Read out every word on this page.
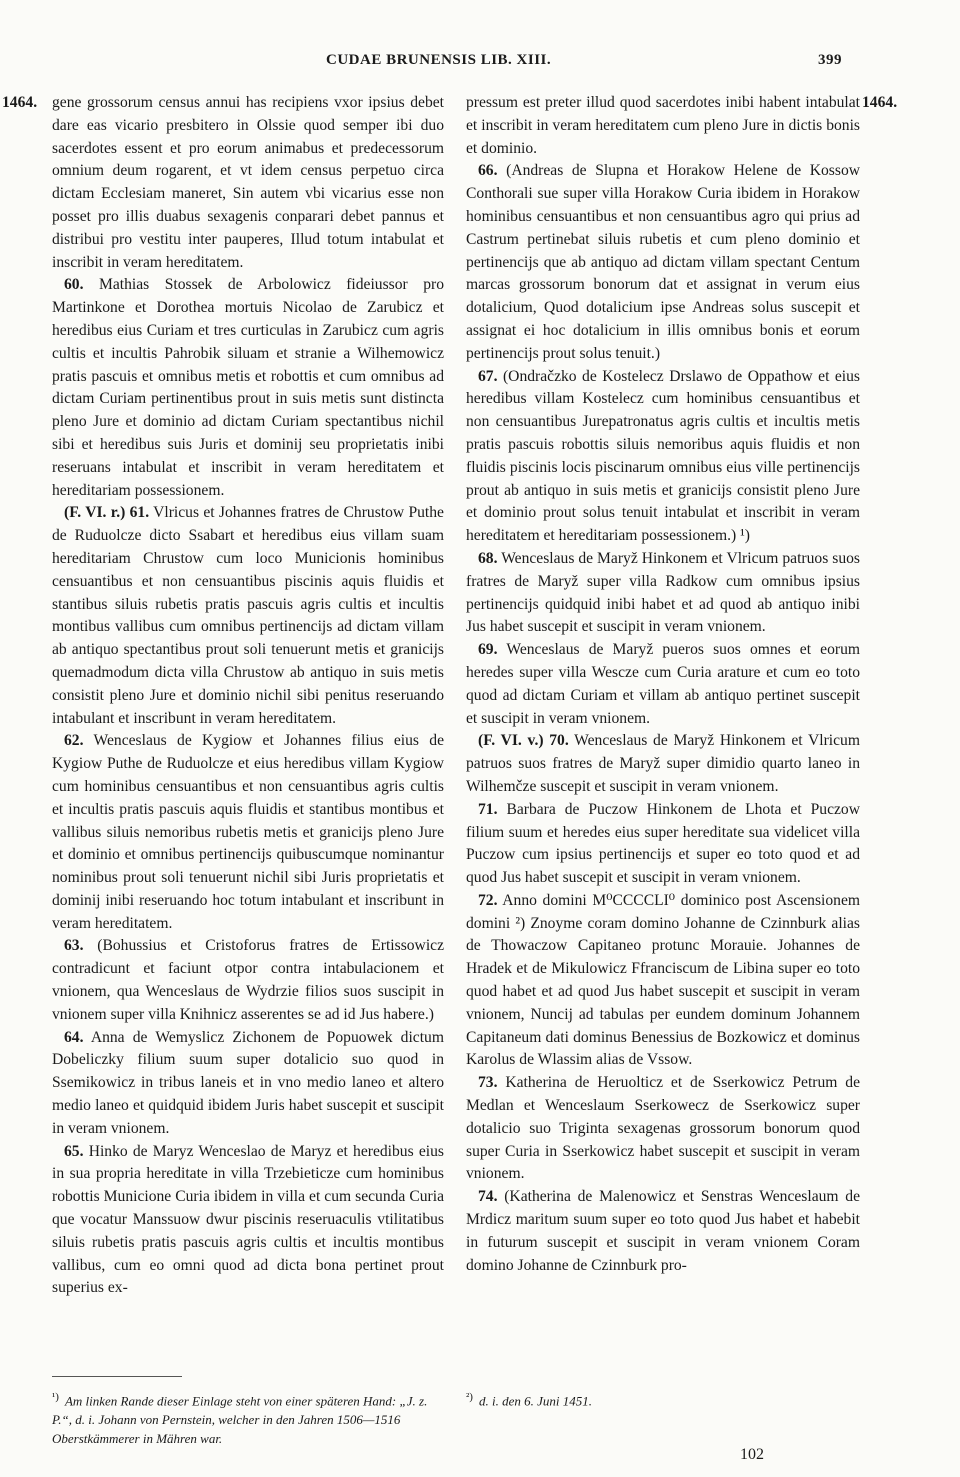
CUDAE BRUNENSIS LIB. XIII.	399
1464.	1464.

gene grossorum census annui has recipiens vxor ipsius debet dare eas vicario presbitero in Olssie quod semper ibi duo sacerdotes essent et pro eorum animabus et predecessorum omnium deum rogarent, et vt idem census perpetuo circa dictam Ecclesiam maneret, Sin autem vbi vicarius esse non posset pro illis duabus sexagenis conparari debet pannus et distribui pro vestitu inter pauperes, Illud totum intabulat et inscribit in veram hereditatem.

60. Mathias Stossek de Arbolowicz fideiussor pro Martinkone et Dorothea mortuis Nicolao de Zarubicz et heredibus eius Curiam et tres curticulas in Zarubicz cum agris cultis et incultis Pahrobik siluam et stranie a Wilhemowicz pratis pascuis et omnibus metis et robottis et cum omnibus ad dictam Curiam pertinentibus prout in suis metis sunt distincta pleno Jure et dominio ad dictam Curiam spectantibus nichil sibi et heredibus suis Juris et dominij seu proprietatis inibi reseruans intabulat et inscribit in veram hereditatem et hereditariam possessionem.

(F. VI. r.) 61. Vlricus et Johannes fratres de Chrustow Puthe de Ruduolcze dicto Ssabart et heredibus eius villam suam hereditariam Chrustow cum loco Municionis hominibus censuantibus et non censuantibus piscinis aquis fluidis et stantibus siluis rubetis pratis pascuis agris cultis et incultis montibus vallibus cum omnibus pertinencijs ad dictam villam ab antiquo spectantibus prout soli tenuerunt metis et granicijs quemadmodum dicta villa Chrustow ab antiquo in suis metis consistit pleno Jure et dominio nichil sibi penitus reseruando intabulant et inscribunt in veram hereditatem.

62. Wenceslaus de Kygiow et Johannes filius eius de Kygiow Puthe de Ruduolcze et eius heredibus villam Kygiow cum hominibus censuantibus et non censuantibus agris cultis et incultis pratis pascuis aquis fluidis et stantibus montibus et vallibus siluis nemoribus rubetis metis et granicijs pleno Jure et dominio et omnibus pertinencijs quibuscumque nominantur nominibus prout soli tenuerunt nichil sibi Juris proprietatis et dominij inibi reseruando hoc totum intabulant et inscribunt in veram hereditatem.

63. (Bohussius et Cristoforus fratres de Ertissowicz contradicunt et faciunt otpor contra intabulacionem et vnionem, qua Wenceslaus de Wydrzie filios suos suscipit in vnionem super villa Knihnicz asserentes se ad id Jus habere.)

64. Anna de Wemyslicz Zichonem de Popuowek dictum Dobeliczky filium suum super dotalicio suo quod in Ssemikowicz in tribus laneis et in vno medio laneo et altero medio laneo et quidquid ibidem Juris habet suscepit et suscipit in veram vnionem.

65. Hinko de Maryz Wenceslao de Maryz et heredibus eius in sua propria hereditate in villa Trzebieticze cum hominibus robottis Municione Curia ibidem in villa et cum secunda Curia que vocatur Manssuow dwur piscinis reseruaculis vtilitatibus siluis rubetis pratis pascuis agris cultis et incultis montibus vallibus, cum eo omni quod ad dicta bona pertinet prout superius ex-

pressum est preter illud quod sacerdotes inibi habent intabulat et inscribit in veram hereditatem cum pleno Jure in dictis bonis et dominio.

66. (Andreas de Slupna et Horakow Helene de Kossow Conthorali sue super villa Horakow Curia ibidem in Horakow hominibus censuantibus et non censuantibus agro qui prius ad Castrum pertinebat siluis rubetis et cum pleno dominio et pertinencijs que ab antiquo ad dictam villam spectant Centum marcas grossorum bonorum dat et assignat in verum eius dotalicium, Quod dotalicium ipse Andreas solus suscepit et assignat ei hoc dotalicium in illis omnibus bonis et eorum pertinencijs prout solus tenuit.)

67. (Ondračzko de Kostelecz Drslawo de Oppathow et eius heredibus villam Kostelecz cum hominibus censuantibus et non censuantibus Jurepatronatus agris cultis et incultis metis pratis pascuis robottis siluis nemoribus aquis fluidis et non fluidis piscinis locis piscinarum omnibus eius ville pertinencijs prout ab antiquo in suis metis et granicijs consistit pleno Jure et dominio prout solus tenuit intabulat et inscribit in veram hereditatem et hereditariam possessionem.) ¹)

68. Wenceslaus de Maryž Hinkonem et Vlricum patruos suos fratres de Maryž super villa Radkow cum omnibus ipsius pertinencijs quidquid inibi habet et ad quod ab antiquo inibi Jus habet suscepit et suscipit in veram vnionem.

69. Wenceslaus de Maryž pueros suos omnes et eorum heredes super villa Wescze cum Curia arature et cum eo toto quod ad dictam Curiam et villam ab antiquo pertinet suscepit et suscipit in veram vnionem.

(F. VI. v.) 70. Wenceslaus de Maryž Hinkonem et Vlricum patruos suos fratres de Maryž super dimidio quarto laneo in Wilhemčze suscepit et suscipit in veram vnionem.

71. Barbara de Puczow Hinkonem de Lhota et Puczow filium suum et heredes eius super hereditate sua videlicet villa Puczow cum ipsius pertinencijs et super eo toto quod et ad quod Jus habet suscepit et suscipit in veram vnionem.

72. Anno domini M⁰CCCCLI⁰ dominico post Ascensionem domini ²) Znoyme coram domino Johanne de Czinnburk alias de Thowaczow Capitaneo protunc Morauie. Johannes de Hradek et de Mikulowicz Ffranciscum de Libina super eo toto quod habet et ad quod Jus habet suscepit et suscipit in veram vnionem, Nuncij ad tabulas per eundem dominum Johannem Capitaneum dati dominus Benessius de Bozkowicz et dominus Karolus de Wlassim alias de Vssow.

73. Katherina de Heruolticz et de Sserkowicz Petrum de Medlan et Wenceslaum Sserkowecz de Sserkowicz super dotalicio suo Triginta sexagenas grossorum bonorum quod super Curia in Sserkowicz habet suscepit et suscipit in veram vnionem.

74. (Katherina de Malenowicz et Senstras Wenceslaum de Mrdicz maritum suum super eo toto quod Jus habet et habebit in futurum suscepit et suscipit in veram vnionem Coram domino Johanne de Czinnburk pro-

$^{^1)}$ Am linken Rande dieser Einlage steht von einer späteren Hand: „J. z. P.“, d. i. Johann von Pernstein, welcher in den Jahren 1506—1516 Oberstkämmerer in Mähren war.
$^{^2)}$ d. i. den 6. Juni 1451.
102
